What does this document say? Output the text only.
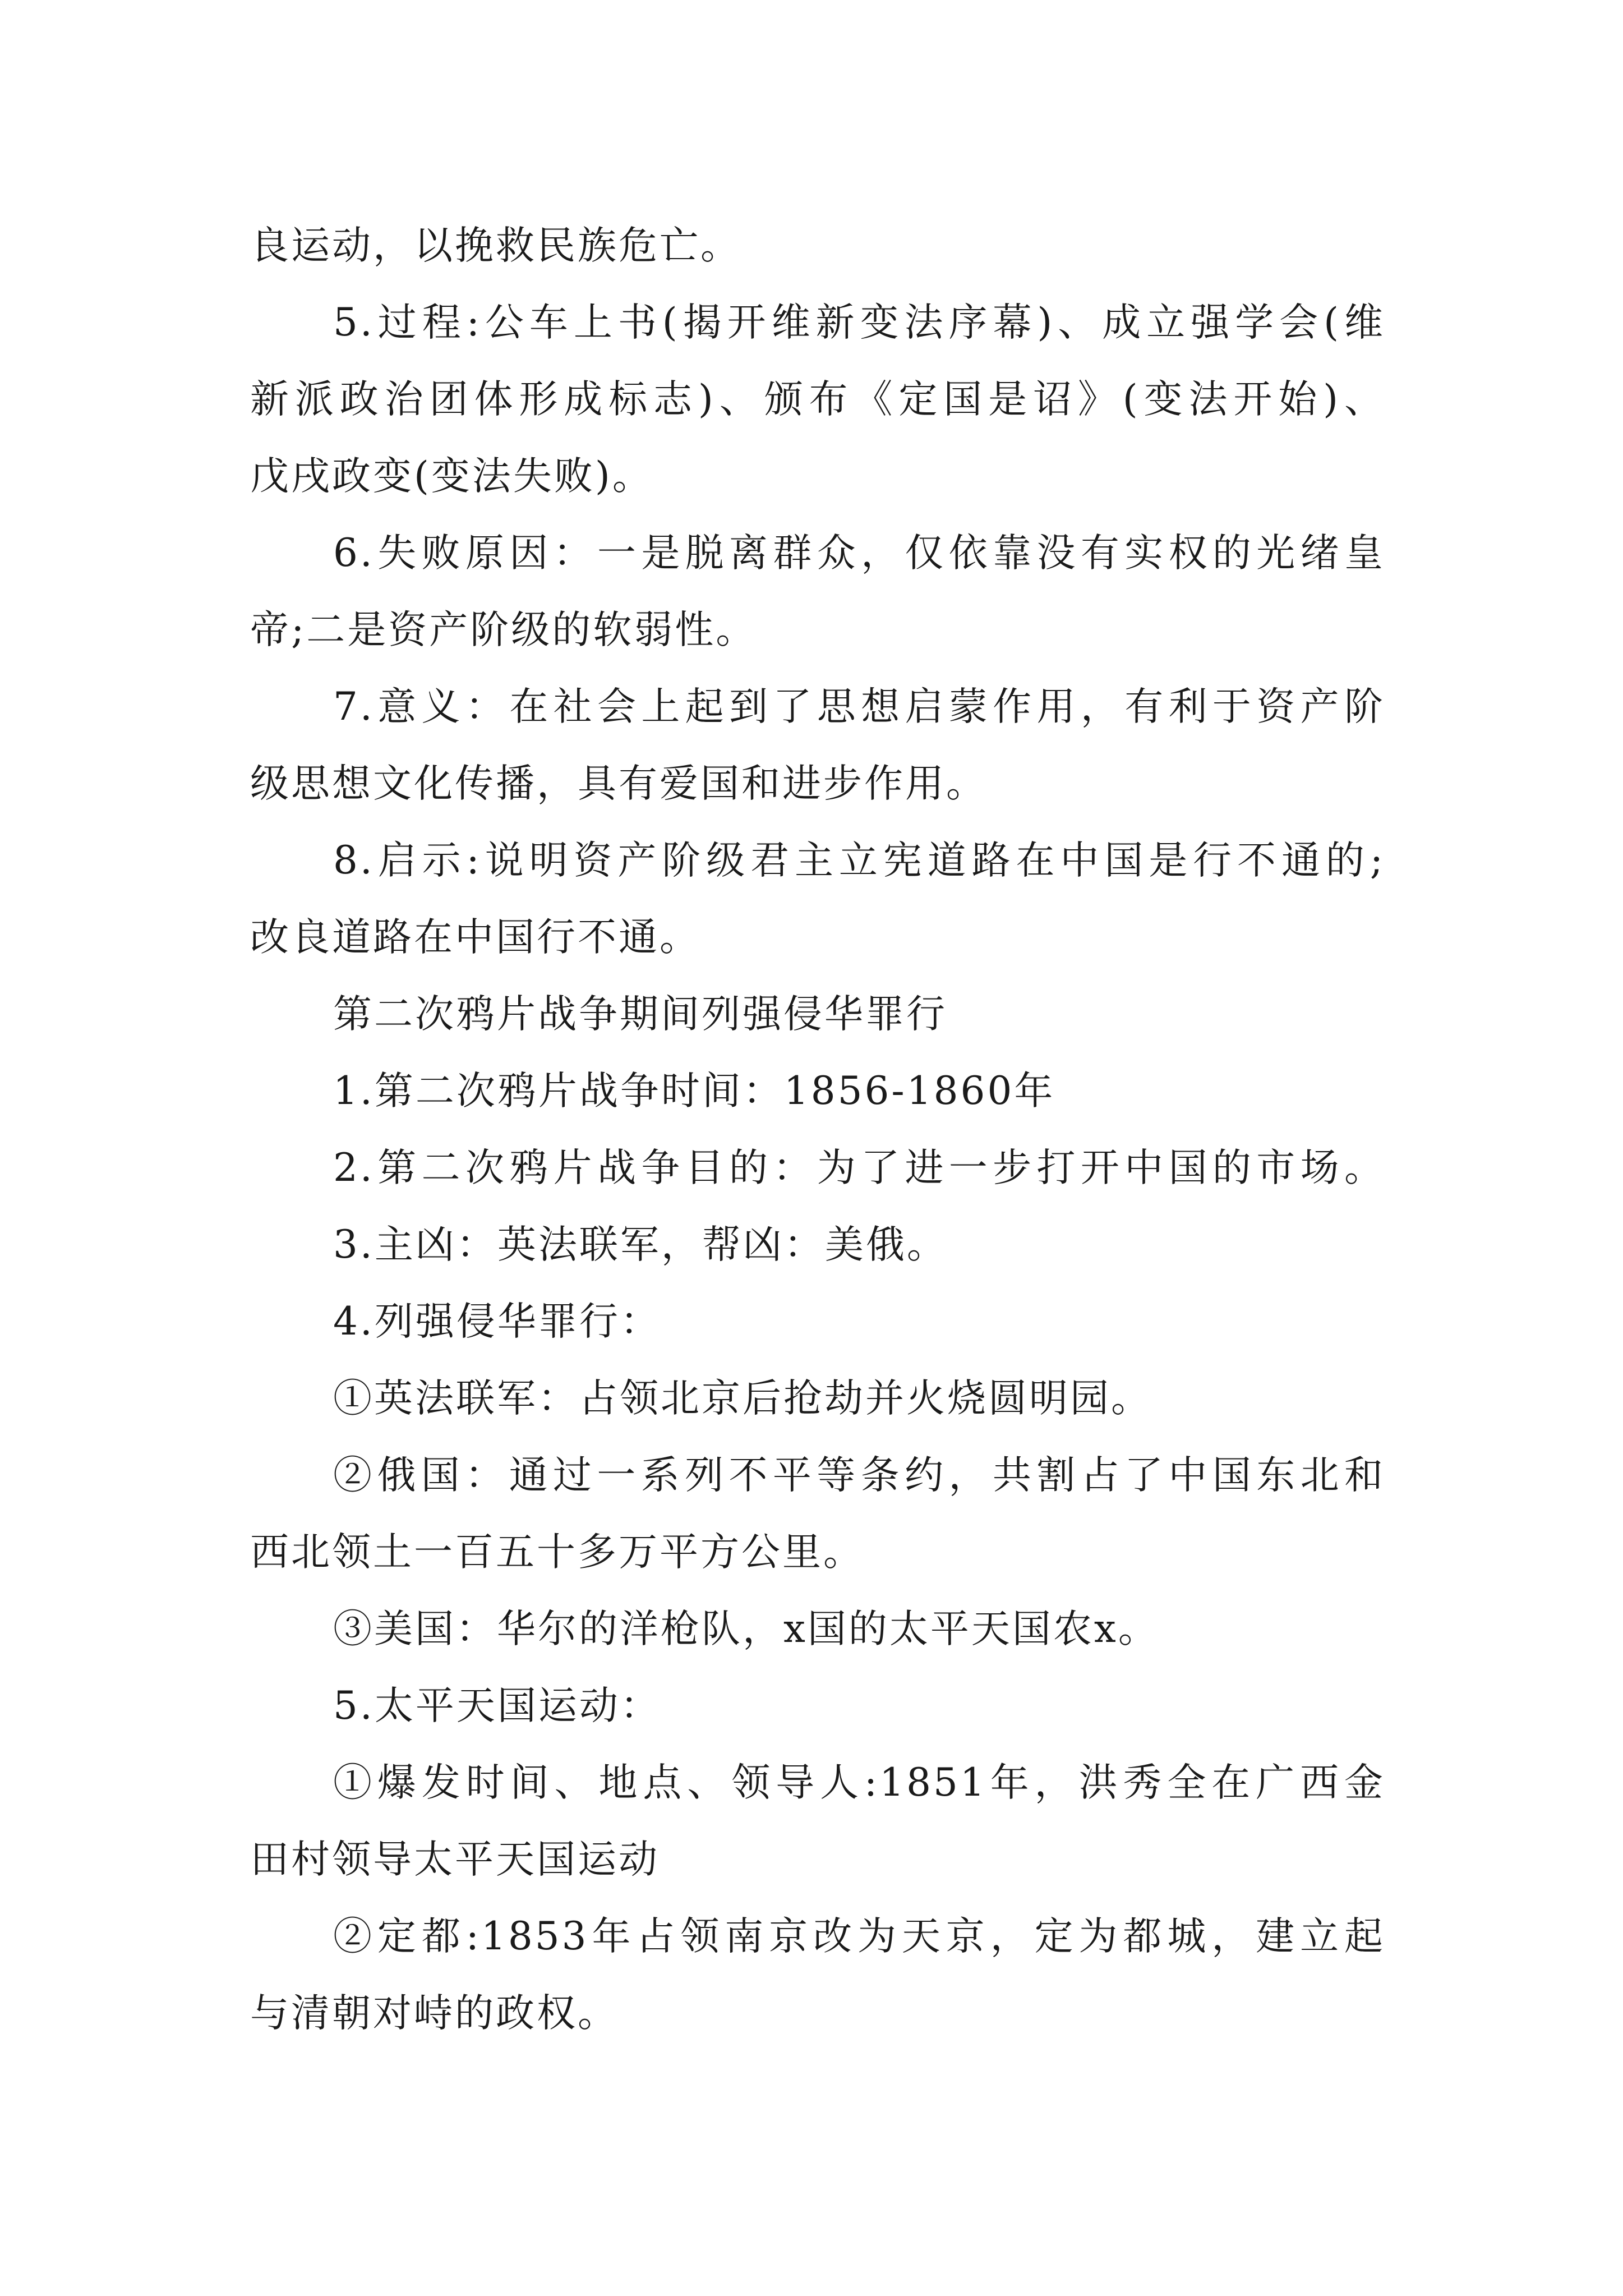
良运动，以挽救民族危亡。
5.过程:公车上书(揭开维新变法序幕)、成立强学会(维
新派政治团体形成标志)、颁布《定国是诏》(变法开始)、
戊戌政变(变法失败)。
6.失败原因：一是脱离群众，仅依靠没有实权的光绪皇
帝;二是资产阶级的软弱性。
7.意义：在社会上起到了思想启蒙作用，有利于资产阶
级思想文化传播，具有爱国和进步作用。
8.启示:说明资产阶级君主立宪道路在中国是行不通的;
改良道路在中国行不通。
第二次鸦片战争期间列强侵华罪行
1.第二次鸦片战争时间：1856-1860年
2.第二次鸦片战争目的：为了进一步打开中国的市场。
3.主凶：英法联军，帮凶：美俄。
4.列强侵华罪行：
①英法联军：占领北京后抢劫并火烧圆明园。
②俄国：通过一系列不平等条约，共割占了中国东北和
西北领土一百五十多万平方公里。
③美国：华尔的洋枪队，x国的太平天国农x。
5.太平天国运动：
①爆发时间、地点、领导人:1851年，洪秀全在广西金
田村领导太平天国运动
②定都:1853年占领南京改为天京，定为都城，建立起
与清朝对峙的政权。
